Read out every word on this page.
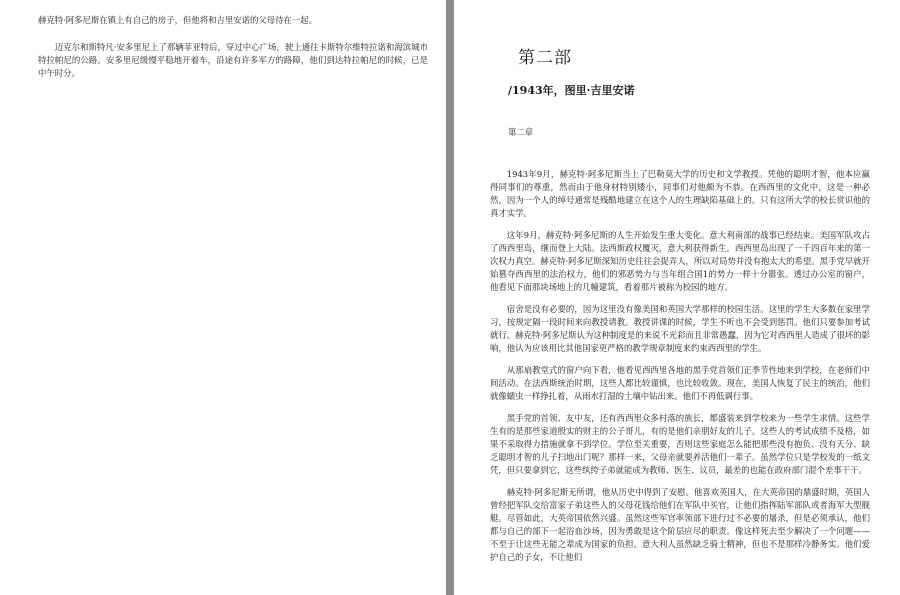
赫克特·阿多尼斯在镇上有自己的房子，但他将和吉里安诺的父母待在一起。

迈克尔和斯特凡·安多里尼上了那辆菲亚特后，穿过中心广场，驶上通往卡斯特尔维特拉诺和海滨城市特拉帕尼的公路。安多里尼缓慢平稳地开着车，沿途有许多军方的路障，他们到达特拉帕尼的时候，已是中午时分。

第二部
/1943年，图里·吉里安诺
第二章

1943年9月，赫克特·阿多尼斯当上了巴勒莫大学的历史和文学教授。凭他的聪明才智，他本应赢得同事们的尊重，然而由于他身材特别矮小，同事们对他颇为不恭。在西西里的文化中，这是一种必然，因为一个人的绰号通常是残酷地建立在这个人的生理缺陷基础上的。只有这所大学的校长赏识他的真才实学。

这年9月，赫克特·阿多尼斯的人生开始发生重大变化。意大利南部的战事已经结束。美国军队攻占了西西里岛，继而登上大陆。法西斯政权覆灭，意大利获得新生。西西里岛出现了一千四百年来的第一次权力真空。赫克特·阿多尼斯深知历史往往会捉弄人，所以对局势并没有抱太大的希望。黑手党早就开始篡夺西西里的法治权力，他们的邪恶势力与当年组合国1的势力一样十分嚣张。透过办公室的窗户，他看见下面那块场地上的几幢建筑，看着那片被称为校园的地方。

宿舍是没有必要的，因为这里没有像美国和英国大学那样的校园生活。这里的学生大多数在家里学习，按规定隔一段时间来向教授请教。教授讲课的时候，学生不听也不会受到惩罚。他们只要参加考试就行。赫克特·阿多尼斯认为这种制度是的来说不光彩而且非常愚蠢，因为它对西西里人造成了很坏的影响，他认为应该用比其他国家更严格的教学规章制度来约束西西里的学生。

从那扇教堂式的窗户向下看，他看见西西里各地的黑手党首领们正季节性地来到学校，在老师们中间活动。在法西斯统治时期，这些人都比较谨慎，也比较收敛。现在，美国人恢复了民主的统治，他们就像蠕虫一样挣扎着，从雨水打湿的土壤中钻出来。他们不再低调行事。

黑手党的首领、友中友，还有西西里众多村落的族长，都盛装来到学校来为一些学生求情。这些学生有的是那些家道殷实的财主的公子哥儿，有的是他们亲朋好友的儿子。这些人的考试成绩不及格，如果不采取得力措施就拿不到学位。学位至关重要，否则这些家庭怎么能把那些没有抱负、没有天分、缺乏聪明才智的儿子扫地出门呢？那样一来，父母亲就要养活他们一辈子。虽然学位只是学校发的一纸文凭，但只要拿到它，这些纨绔子弟就能成为教师、医生、议员，最差的也能在政府部门混个差事干干。

赫克特·阿多尼斯无所谓，他从历史中得到了安慰。他喜欢英国人，在大英帝国的鼎盛时期，英国人曾经把军队交给富家子弟这些人的父母花钱给他们在军队中买官，让他们指挥陆军部队或者海军大型舰艇。尽管如此，大英帝国依然兴盛。虽然这些军官率领部下进行过不必要的屠杀，但是必须承认，他们都与自己的部下一起浴血沙场，因为勇敢是这个阶层应尽的职责。像这样死去至少解决了一个问题——不至于让这些无能之辈成为国家的负担。意大利人虽然缺乏骑士精神，但也不是那样冷静务实。他们爱护自己的子女，不让他们
